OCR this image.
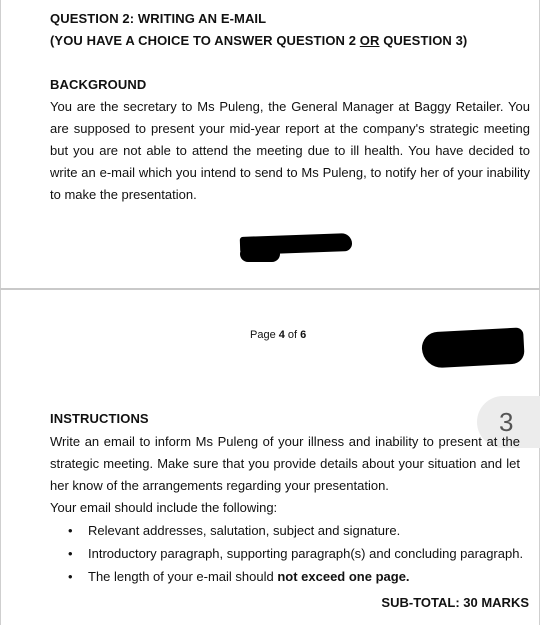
QUESTION 2: WRITING AN E-MAIL
(YOU HAVE A CHOICE TO ANSWER QUESTION 2 OR QUESTION 3)
BACKGROUND

You are the secretary to Ms Puleng, the General Manager at Baggy Retailer. You are supposed to present your mid-year report at the company's strategic meeting but you are not able to attend the meeting due to ill health. You have decided to write an e-mail which you intend to send to Ms Puleng, to notify her of your inability to make the presentation.

Page 4 of 6
3
INSTRUCTIONS

Write an email to inform Ms Puleng of your illness and inability to present at the strategic meeting. Make sure that you provide details about your situation and let her know of the arrangements regarding your presentation.

Your email should include the following:
• Relevant addresses, salutation, subject and signature.
• Introductory paragraph, supporting paragraph(s) and concluding paragraph.
• The length of your e-mail should not exceed one page.
SUB-TOTAL: 30 MARKS
